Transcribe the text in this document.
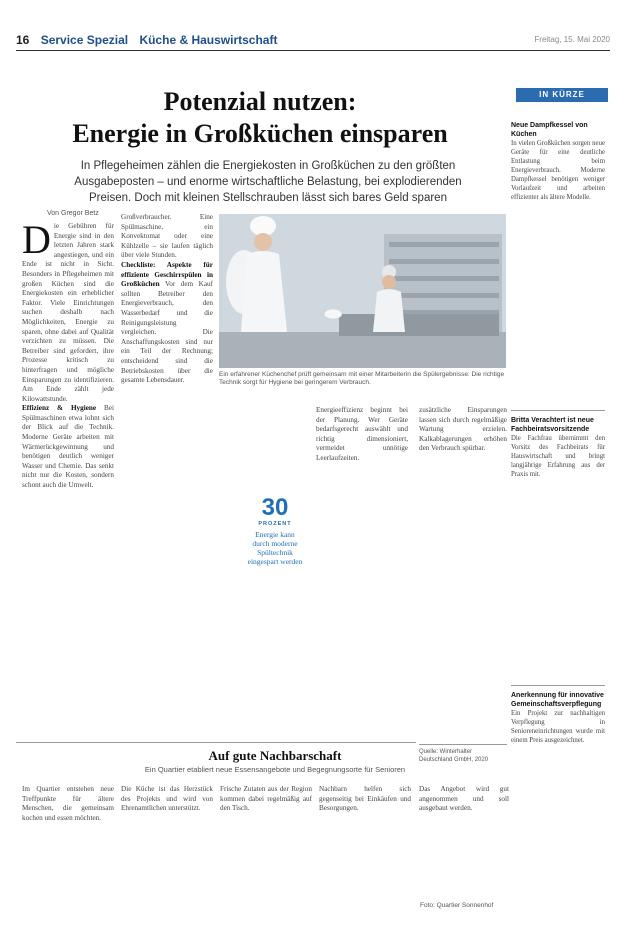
16 Service Spezial Küche & Hauswirtschaft	Freitag, 15. Mai 2020
Potenzial nutzen:
Energie in Großküchen einsparen
In Pflegeheimen zählen die Energiekosten in Großküchen zu den größten Ausgabeposten – und enorme wirtschaftliche Belastung, bei explodierenden Preisen. Doch mit kleinen Stellschrauben lässt sich bares Geld sparen
Von Gregor Betz
D ie Gebühren für Energie sind in den letzten Jahren stark angestiegen, und ein Ende ist nicht in Sicht. Besonders in Pflegeheimen mit großen Küchen sind die Energiekosten ein erheblicher Faktor. Viele Einrichtungen suchen deshalb nach Möglichkeiten, Energie zu sparen, ohne dabei auf Qualität verzichten zu müssen. Die Betreiber sind gefordert, ihre Prozesse kritisch zu hinterfragen und mögliche Einsparungen zu identifizieren. Am Ende zählt jede Kilowattstunde.
Effizienz & Hygiene Bei Spülmaschinen etwa lohnt sich der Blick auf die Technik. Moderne Geräte arbeiten mit Wärmerückgewinnung und benötigen deutlich weniger Wasser und Chemie. Das senkt nicht nur die Kosten, sondern schont auch die Umwelt.
Großverbraucher. Eine Spülmaschine, ein Konvektomat oder eine Kühlzelle – sie laufen täglich über viele Stunden.
Checkliste: Aspekte für effiziente Geschirrspülen in Großküchen Vor dem Kauf sollten Betreiber den Energieverbrauch, den Wasserbedarf und die Reinigungsleistung vergleichen. Die Anschaffungskosten sind nur ein Teil der Rechnung; entscheidend sind die Betriebskosten über die gesamte Lebensdauer.
Ein erfahrener Küchenchef prüft gemeinsam mit einer Mitarbeiterin die Spülergebnisse: Die richtige Technik sorgt für Hygiene bei geringerem Verbrauch.
30
PROZENT
Energie kann durch moderne Spültechnik eingespart werden
Energieeffizienz beginnt bei der Planung. Wer Geräte bedarfsgerecht auswählt und richtig dimensioniert, vermeidet unnötige Leerlaufzeiten.
zusätzliche Einsparungen lassen sich durch regelmäßige Wartung erzielen. Kalkablagerungen erhöhen den Verbrauch spürbar.
Quelle: Winterhalter Deutschland GmbH, 2020
Auf gute Nachbarschaft
Ein Quartier etabliert neue Essensangebote und Begegnungsorte für Senioren
Im Quartier entstehen neue Treffpunkte für ältere Menschen, die gemeinsam kochen und essen möchten.
Die Küche ist das Herzstück des Projekts und wird von Ehrenamtlichen unterstützt.
Frische Zutaten aus der Region kommen dabei regelmäßig auf den Tisch.
Nachbarn helfen sich gegenseitig bei Einkäufen und Besorgungen.
Das Angebot wird gut angenommen und soll ausgebaut werden.
Foto: Quartier Sonnenhof
IN KÜRZE
Neue Dampfkessel von Küchen
In vielen Großküchen sorgen neue Geräte für eine deutliche Entlastung beim Energieverbrauch. Moderne Dampfkessel benötigen weniger Vorlaufzeit und arbeiten effizienter als ältere Modelle.
Britta Verachtert ist neue Fachbeiratsvorsitzende
Die Fachfrau übernimmt den Vorsitz des Fachbeirats für Hauswirtschaft und bringt langjährige Erfahrung aus der Praxis mit.
Anerkennung für innovative Gemeinschaftsverpflegung
Ein Projekt zur nachhaltigen Verpflegung in Senioreneinrichtungen wurde mit einem Preis ausgezeichnet.
